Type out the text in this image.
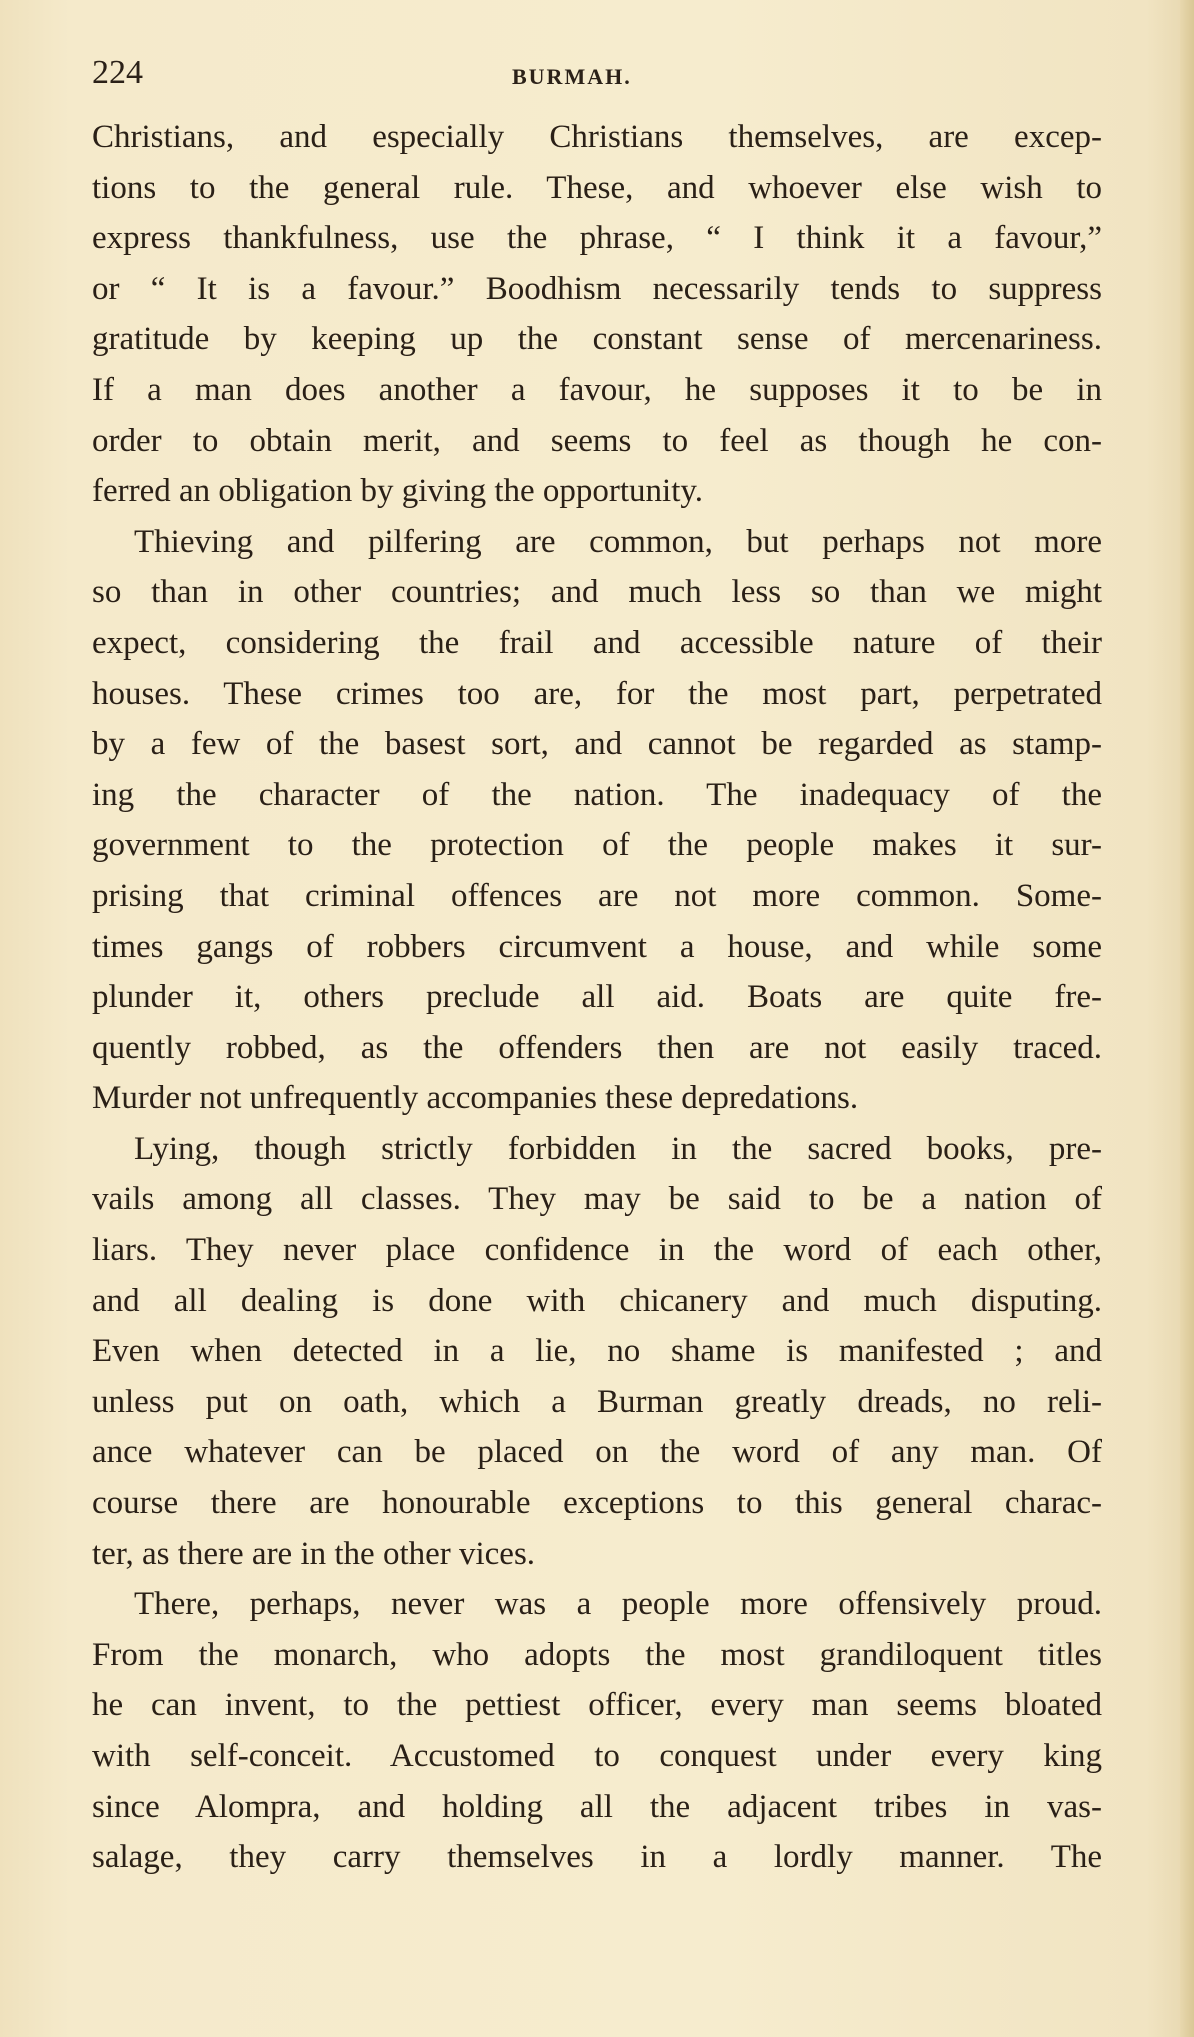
224	BURMAH.
Christians, and especially Christians themselves, are excep-
tions to the general rule. These, and whoever else wish to
express thankfulness, use the phrase, “ I think it a favour,”
or “ It is a favour.” Boodhism necessarily tends to suppress
gratitude by keeping up the constant sense of mercenariness.
If a man does another a favour, he supposes it to be in
order to obtain merit, and seems to feel as though he con-
ferred an obligation by giving the opportunity.
Thieving and pilfering are common, but perhaps not more
so than in other countries; and much less so than we might
expect, considering the frail and accessible nature of their
houses. These crimes too are, for the most part, perpetrated
by a few of the basest sort, and cannot be regarded as stamp-
ing the character of the nation. The inadequacy of the
government to the protection of the people makes it sur-
prising that criminal offences are not more common. Some-
times gangs of robbers circumvent a house, and while some
plunder it, others preclude all aid. Boats are quite fre-
quently robbed, as the offenders then are not easily traced.
Murder not unfrequently accompanies these depredations.
Lying, though strictly forbidden in the sacred books, pre-
vails among all classes. They may be said to be a nation of
liars. They never place confidence in the word of each other,
and all dealing is done with chicanery and much disputing.
Even when detected in a lie, no shame is manifested ; and
unless put on oath, which a Burman greatly dreads, no reli-
ance whatever can be placed on the word of any man. Of
course there are honourable exceptions to this general charac-
ter, as there are in the other vices.
There, perhaps, never was a people more offensively proud.
From the monarch, who adopts the most grandiloquent titles
he can invent, to the pettiest officer, every man seems bloated
with self-conceit. Accustomed to conquest under every king
since Alompra, and holding all the adjacent tribes in vas-
salage, they carry themselves in a lordly manner. The
